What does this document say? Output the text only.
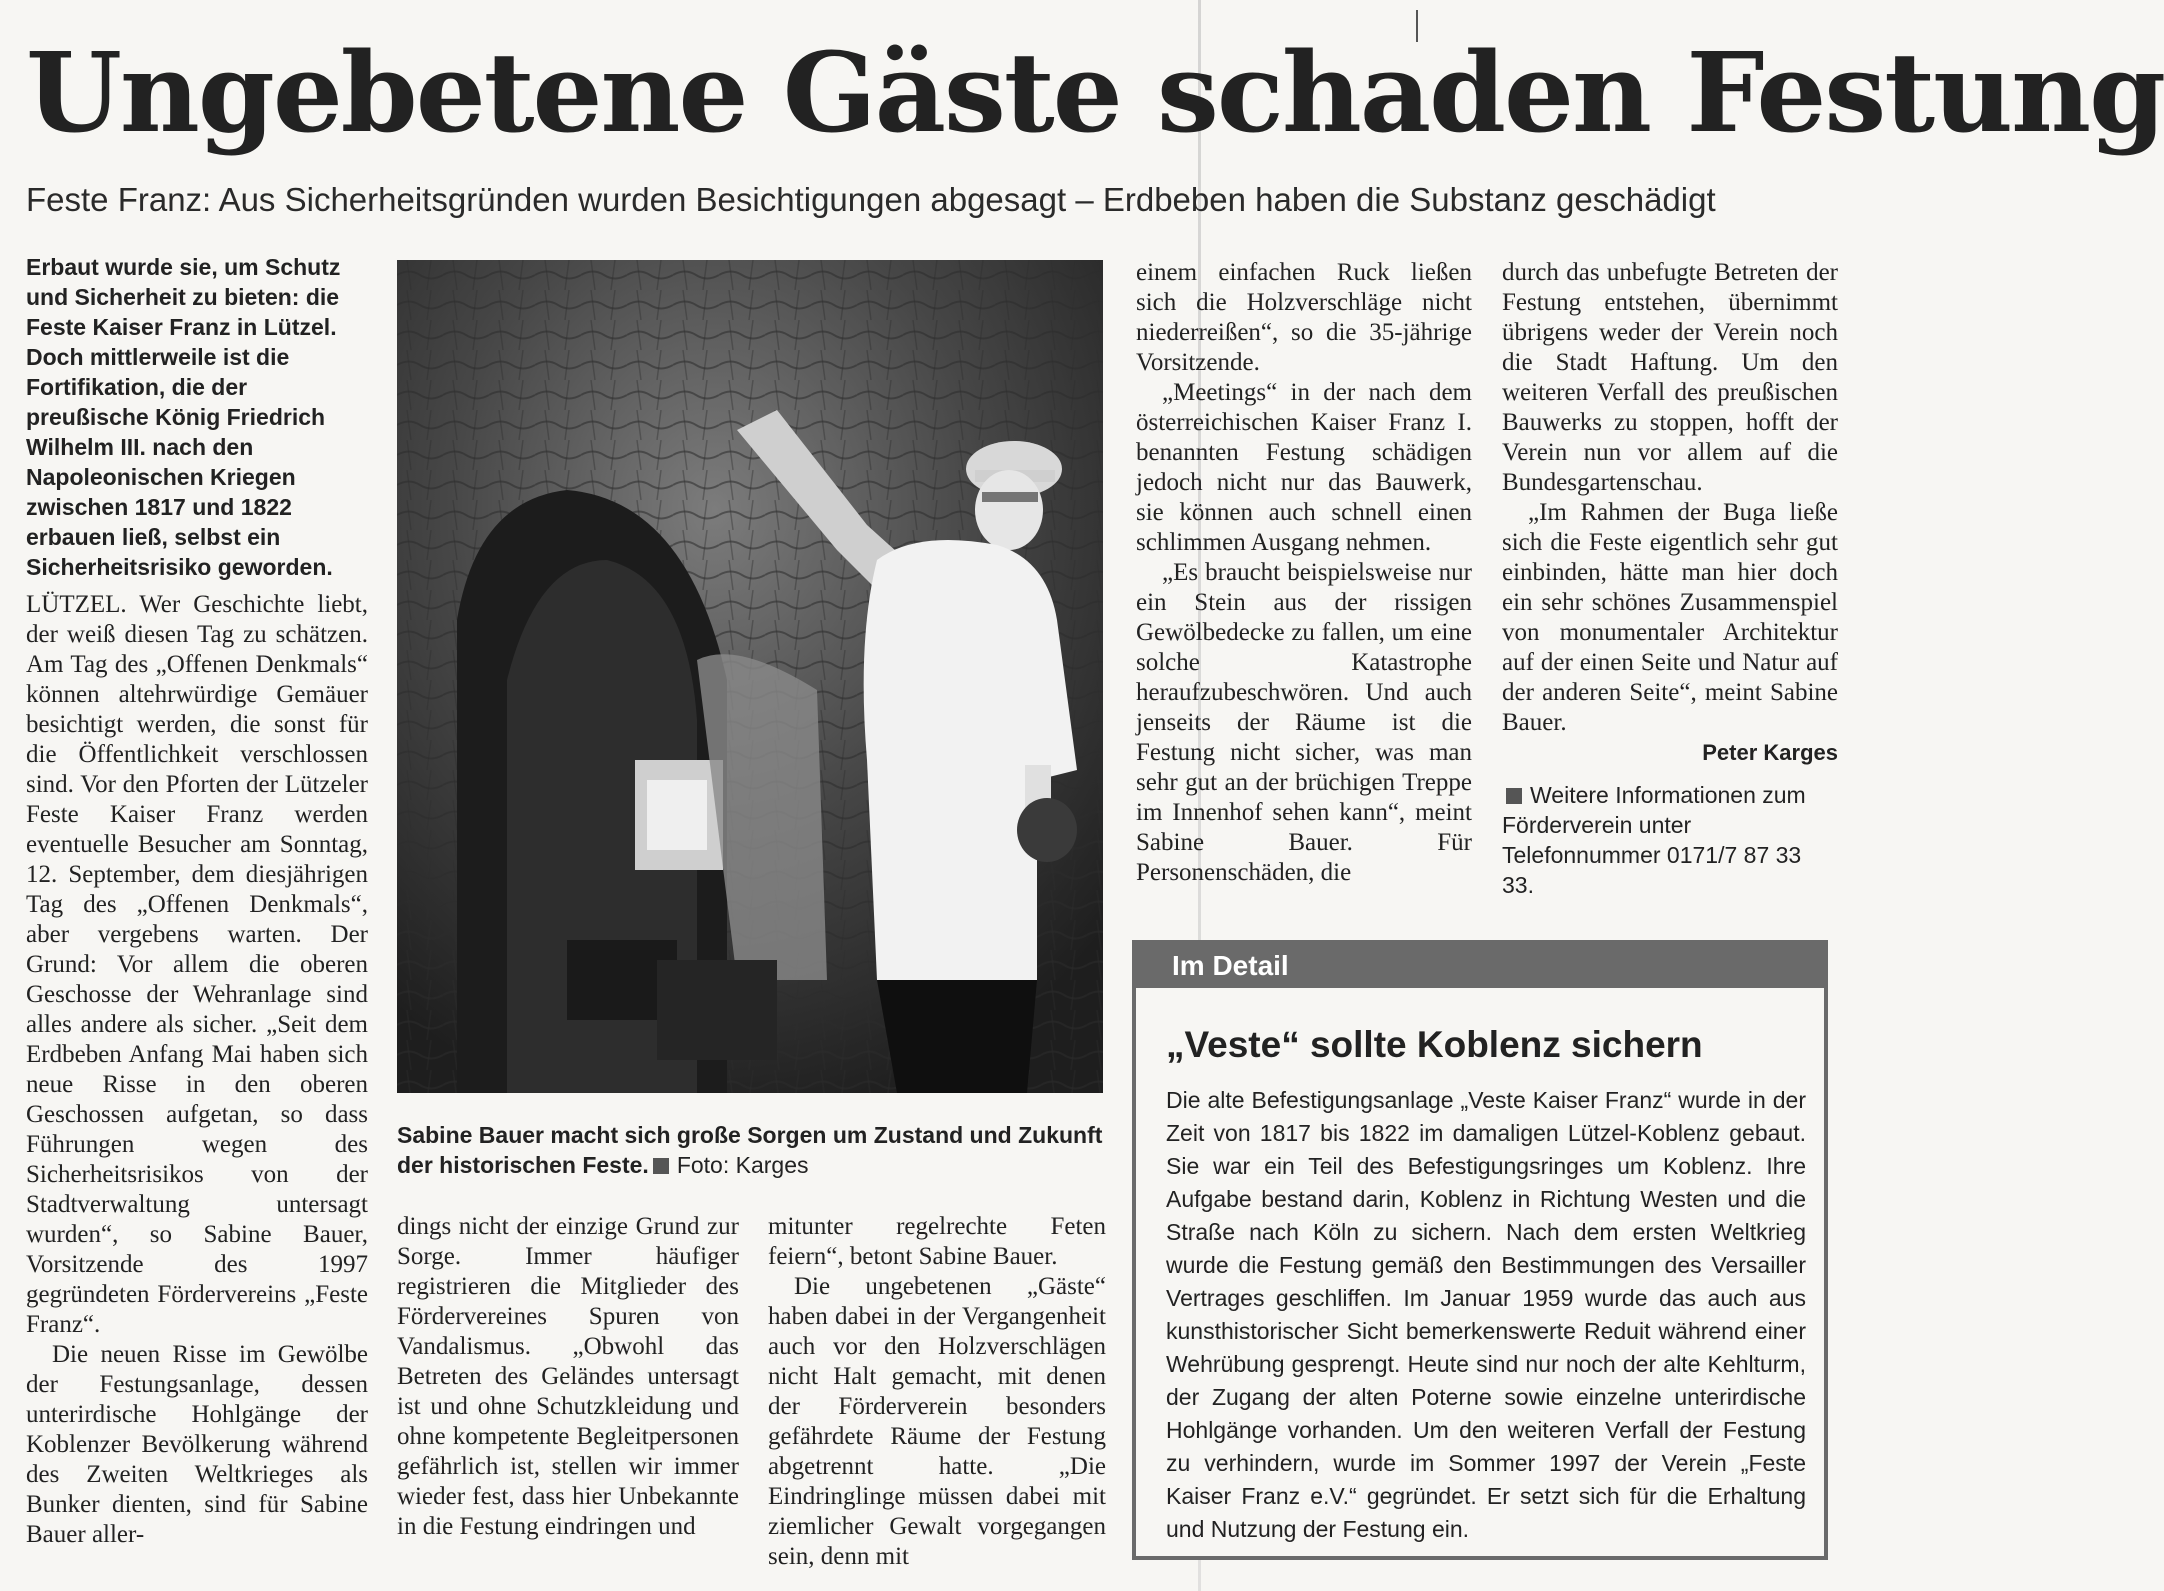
Ungebetene Gäste schaden Festung
Feste Franz: Aus Sicherheitsgründen wurden Besichtigungen abgesagt – Erdbeben haben die Substanz geschädigt
Erbaut wurde sie, um Schutz und Sicherheit zu bieten: die Feste Kaiser Franz in Lützel. Doch mittlerweile ist die Fortifikation, die der preußische König Friedrich Wilhelm III. nach den Napoleonischen Kriegen zwischen 1817 und 1822 erbauen ließ, selbst ein Sicherheitsrisiko geworden.

LÜTZEL. Wer Geschichte liebt, der weiß diesen Tag zu schätzen. Am Tag des „Offenen Denkmals“ können altehrwürdige Gemäuer besichtigt werden, die sonst für die Öffentlichkeit verschlossen sind. Vor den Pforten der Lützeler Feste Kaiser Franz werden eventuelle Besucher am Sonntag, 12. September, dem diesjährigen Tag des „Offenen Denkmals“, aber vergebens warten. Der Grund: Vor allem die oberen Geschosse der Wehranlage sind alles andere als sicher. „Seit dem Erdbeben Anfang Mai haben sich neue Risse in den oberen Geschossen aufgetan, so dass Führungen wegen des Sicherheitsrisikos von der Stadtverwaltung untersagt wurden“, so Sabine Bauer, Vorsitzende des 1997 gegründeten Fördervereins „Feste Franz“.

Die neuen Risse im Gewölbe der Festungsanlage, dessen unterirdische Hohlgänge der Koblenzer Bevölkerung während des Zweiten Weltkrieges als Bunker dienten, sind für Sabine Bauer aller-

Sabine Bauer macht sich große Sorgen um Zustand und Zukunft der historischen Feste. Foto: Karges

dings nicht der einzige Grund zur Sorge. Immer häufiger registrieren die Mitglieder des Fördervereines Spuren von Vandalismus. „Obwohl das Betreten des Geländes untersagt ist und ohne Schutzkleidung und ohne kompetente Begleitpersonen gefährlich ist, stellen wir immer wieder fest, dass hier Unbekannte in die Festung eindringen und

mitunter regelrechte Feten feiern“, betont Sabine Bauer.

Die ungebetenen „Gäste“ haben dabei in der Vergangenheit auch vor den Holzverschlägen nicht Halt gemacht, mit denen der Förderverein besonders gefährdete Räume der Festung abgetrennt hatte. „Die Eindringlinge müssen dabei mit ziemlicher Gewalt vorgegangen sein, denn mit

einem einfachen Ruck ließen sich die Holzverschläge nicht niederreißen“, so die 35-jährige Vorsitzende.

„Meetings“ in der nach dem österreichischen Kaiser Franz I. benannten Festung schädigen jedoch nicht nur das Bauwerk, sie können auch schnell einen schlimmen Ausgang nehmen.

„Es braucht beispielsweise nur ein Stein aus der rissigen Gewölbedecke zu fallen, um eine solche Katastrophe heraufzubeschwören. Und auch jenseits der Räume ist die Festung nicht sicher, was man sehr gut an der brüchigen Treppe im Innenhof sehen kann“, meint Sabine Bauer. Für Personenschäden, die

durch das unbefugte Betreten der Festung entstehen, übernimmt übrigens weder der Verein noch die Stadt Haftung. Um den weiteren Verfall des preußischen Bauwerks zu stoppen, hofft der Verein nun vor allem auf die Bundesgartenschau.

„Im Rahmen der Buga ließe sich die Feste eigentlich sehr gut einbinden, hätte man hier doch ein sehr schönes Zusammenspiel von monumentaler Architektur auf der einen Seite und Natur auf der anderen Seite“, meint Sabine Bauer.

Peter Karges

Weitere Informationen zum Förderverein unter Telefonnummer 0171/7 87 33 33.

Im Detail
„Veste“ sollte Koblenz sichern
Die alte Befestigungsanlage „Veste Kaiser Franz“ wurde in der Zeit von 1817 bis 1822 im damaligen Lützel-Koblenz gebaut. Sie war ein Teil des Befestigungsringes um Koblenz. Ihre Aufgabe bestand darin, Koblenz in Richtung Westen und die Straße nach Köln zu sichern. Nach dem ersten Weltkrieg wurde die Festung gemäß den Bestimmungen des Versailler Vertrages geschliffen. Im Januar 1959 wurde das auch aus kunsthistorischer Sicht bemerkenswerte Reduit während einer Wehrübung gesprengt. Heute sind nur noch der alte Kehlturm, der Zugang der alten Poterne sowie einzelne unterirdische Hohlgänge vorhanden. Um den weiteren Verfall der Festung zu verhindern, wurde im Sommer 1997 der Verein „Feste Kaiser Franz e.V.“ gegründet. Er setzt sich für die Erhaltung und Nutzung der Festung ein.
